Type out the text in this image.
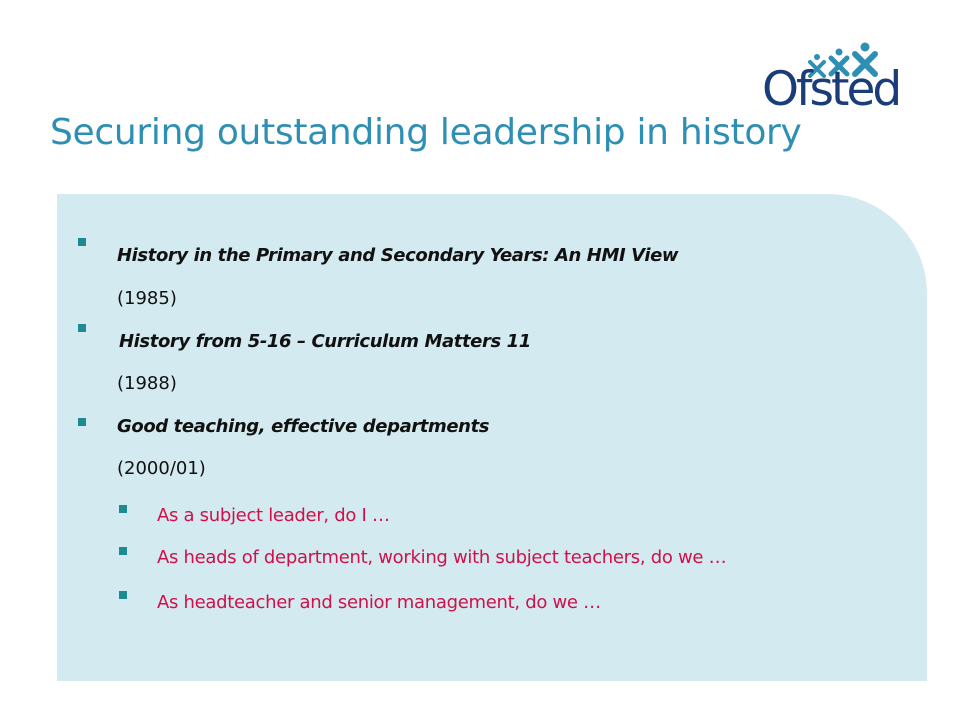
Ofsted
Securing outstanding leadership in history
History in the Primary and Secondary Years: An HMI View
(1985)
History from 5-16 – Curriculum Matters 11
(1988)
Good teaching, effective departments
(2000/01)
As a subject leader, do I …
As heads of department, working with subject teachers, do we …
As headteacher and senior management, do we …
